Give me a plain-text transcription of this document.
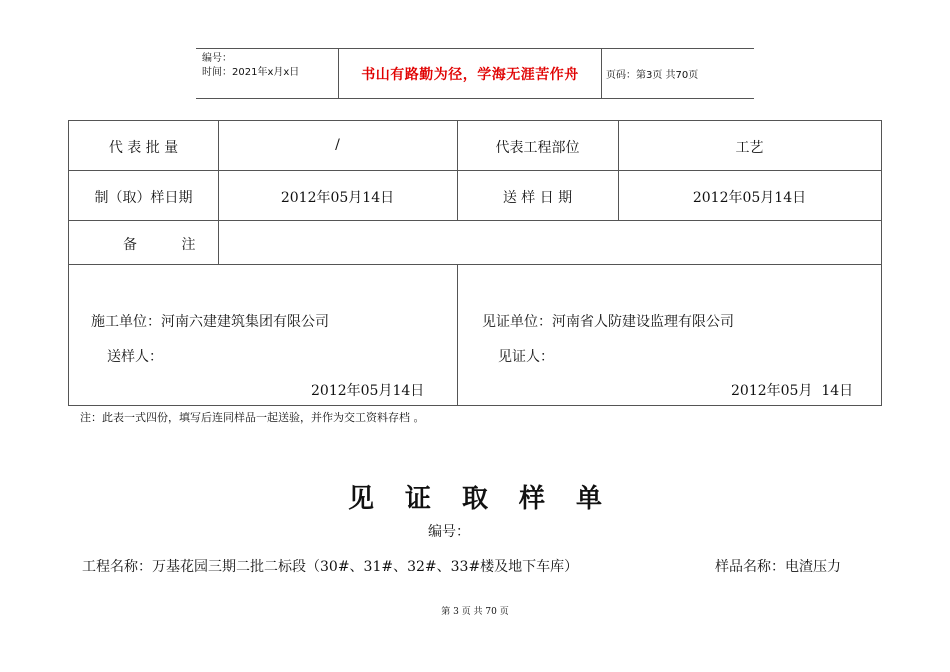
编号：
时间：2021年x月x日	书山有路勤为径，学海无涯苦作舟	页码：第3页 共70页
代 表 批 量	/	代表工程部位	工艺
制（取）样日期	2012年05月14日	送 样 日 期	2012年05月14日
备          注
施工单位：河南六建建筑集团有限公司
送样人：
2012年05月14日
见证单位：河南省人防建设监理有限公司
见证人：
2012年05月  14日
注：此表一式四份，填写后连同样品一起送验，并作为交工资料存档 。
见证取样单
编号：
工程名称：万基花园三期二批二标段（30#、31#、32#、33#楼及地下车库）	样品名称：电渣压力
第 3 页 共 70 页
